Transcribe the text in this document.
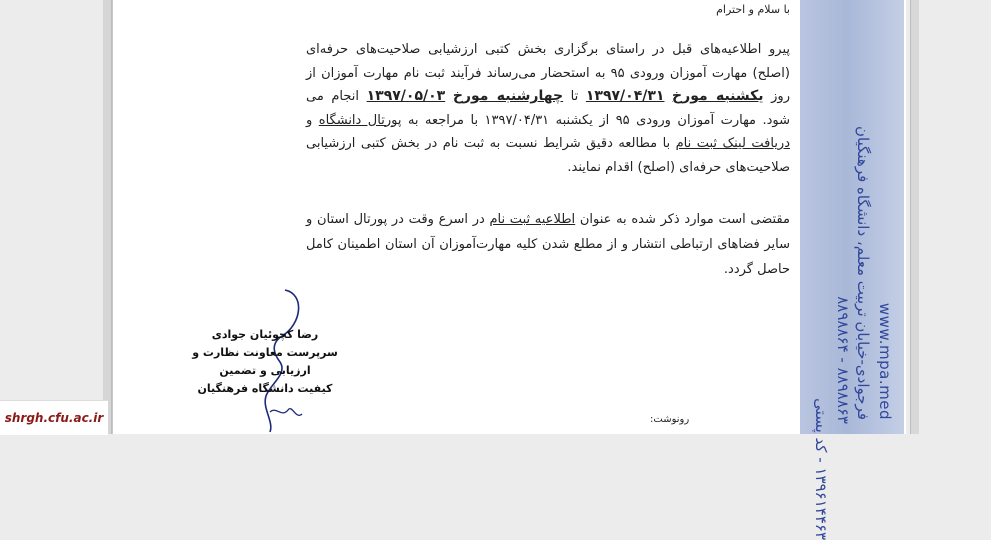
www.mpa.med
فرجوادی-خیابان تربیت معلم، دانشگاه فرهنگیان
۸۸۹۸۸۶۳ - ۸۸۹۸۸۶۴
۱۳۹۶۱۴۴۶۳ - کد پستی
با سلام و احترام
پیرو اطلاعیه‌های قبل در راستای برگزاری بخش کتبی ارزشیابی صلاحیت‌های حرفه‌ای (اصلح) مهارت آموزان ورودی ۹۵ به استحضار می‌رساند فرآیند ثبت نام مهارت آموزان از روز یکشنبه مورخ ۱۳۹۷/۰۴/۳۱ تا چهارشنبه مورخ ۱۳۹۷/۰۵/۰۳ انجام می شود. مهارت آموزان ورودی ۹۵ از یکشنبه ۱۳۹۷/۰۴/۳۱ با مراجعه به پورتال دانشگاه و دریافت لینک ثبت نام با مطالعه دقیق شرایط نسبت به ثبت نام در بخش کتبی ارزشیابی صلاحیت‌های حرفه‌ای (اصلح) اقدام نمایند.
مقتضی است موارد ذکر شده به عنوان اطلاعیه ثبت نام در اسرع وقت در پورتال استان و سایر فضاهای ارتباطی انتشار و از مطلع شدن کلیه مهارت‌آموزان آن استان اطمینان کامل حاصل گردد.
رضا کچوئیان جوادی
سرپرست معاونت نظارت و ارزیابی و تضمین
کیفیت دانشگاه فرهنگیان
رونوشت:
shrgh.cfu.ac.ir
